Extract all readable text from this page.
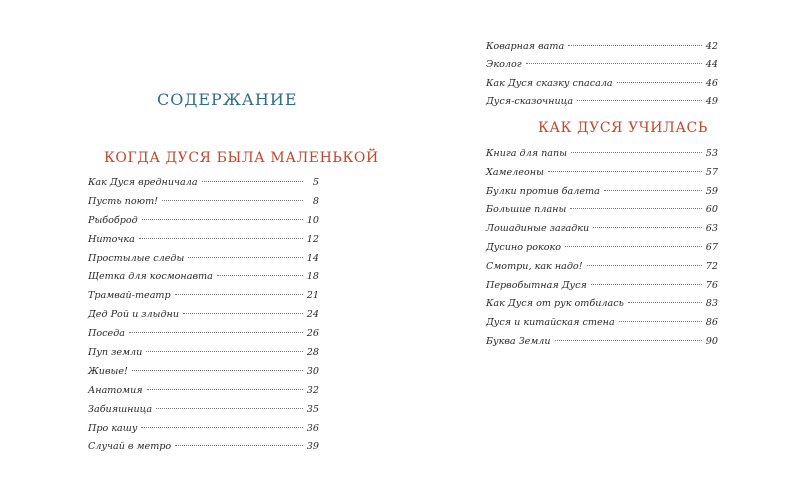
СОДЕРЖАНИЕ
КОГДА ДУСЯ БЫЛА МАЛЕНЬКОЙ
Как Дуся вредничала	5
Пусть поют!	8
Рыбоброд	10
Ниточка	12
Простылые следы	14
Щетка для космонавта	18
Трамвай-театр	21
Дед Рой и злыдни	24
Поседа	26
Пуп земли	28
Живые!	30
Анатомия	32
Забияшница	35
Про кашу	36
Случай в метро	39
Коварная вата	42
Эколог	44
Как Дуся сказку спасала	46
Дуся-сказочница	49
КАК ДУСЯ УЧИЛАСЬ
Книга для папы	53
Хамелеоны	57
Булки против балета	59
Большие планы	60
Лошадиные загадки	63
Дусино рококо	67
Смотри, как надо!	72
Первобытная Дуся	76
Как Дуся от рук отбилась	83
Дуся и китайская стена	86
Буква Земли	90
